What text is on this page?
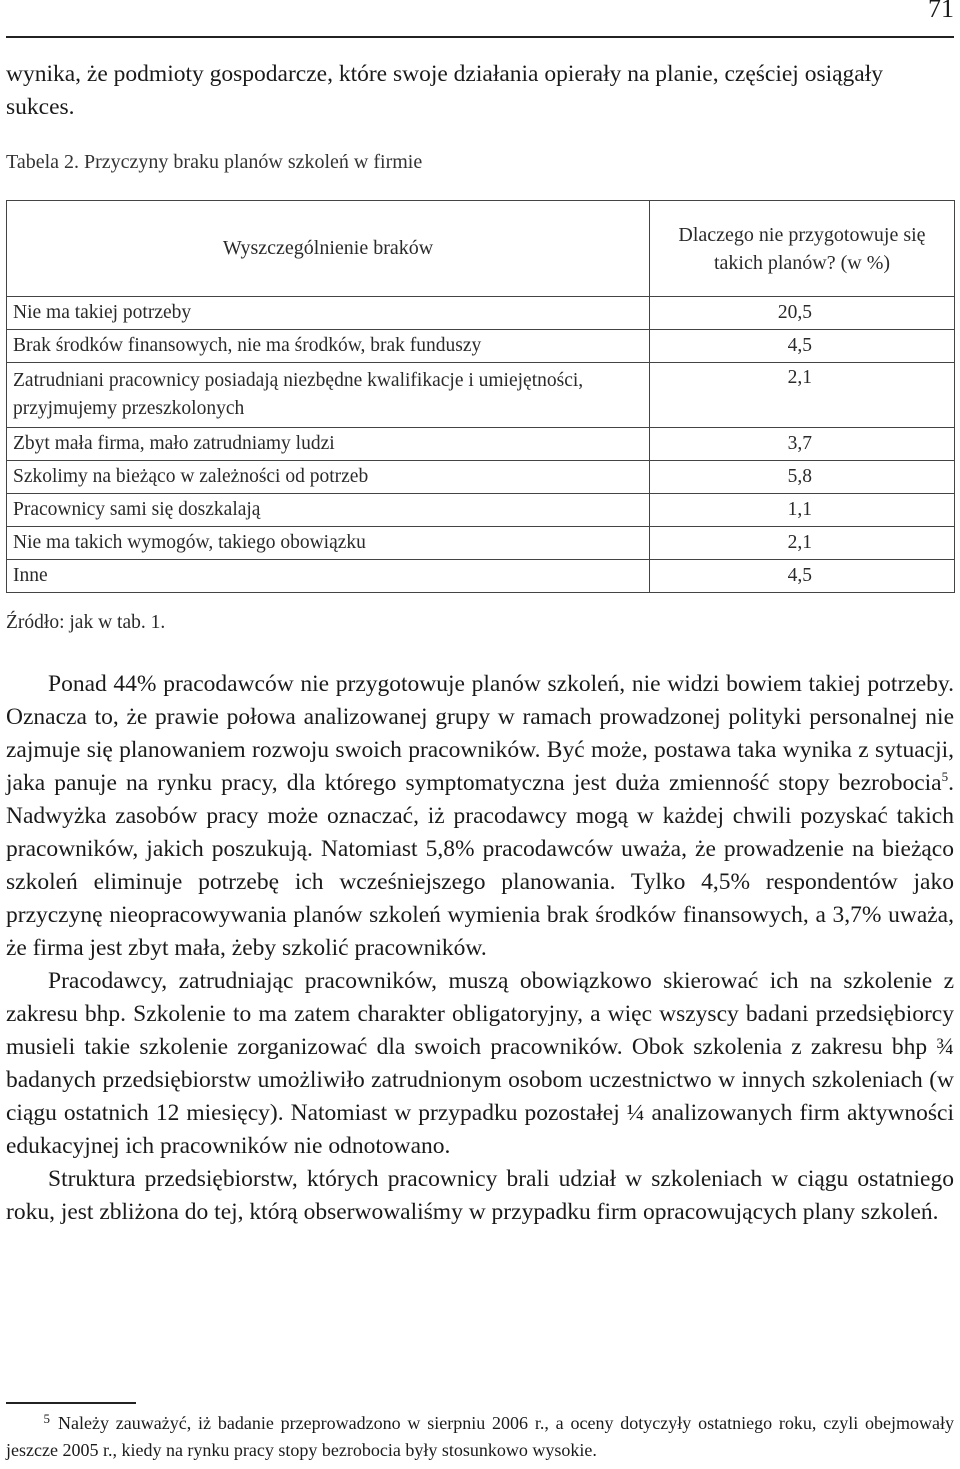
71

wynika, że podmioty gospodarcze, które swoje działania opierały na planie, częściej osiągały sukces.

Tabela 2. Przyczyny braku planów szkoleń w firmie

Wyszczególnienie braków	Dlaczego nie przygotowuje się takich planów? (w %)
Nie ma takiej potrzeby	20,5
Brak środków finansowych, nie ma środków, brak funduszy	4,5
Zatrudniani pracownicy posiadają niezbędne kwalifikacje i umiejętności, przyjmujemy przeszkolonych	2,1
Zbyt mała firma, mało zatrudniamy ludzi	3,7
Szkolimy na bieżąco w zależności od potrzeb	5,8
Pracownicy sami się doszkalają	1,1
Nie ma takich wymogów, takiego obowiązku	2,1
Inne	4,5

Źródło: jak w tab. 1.

Ponad 44% pracodawców nie przygotowuje planów szkoleń, nie widzi bowiem takiej potrzeby. Oznacza to, że prawie połowa analizowanej grupy w ramach prowadzonej polityki personalnej nie zajmuje się planowaniem rozwoju swoich pracowników. Być może, postawa taka wynika z sytuacji, jaka panuje na rynku pracy, dla którego symptomatyczna jest duża zmienność stopy bezrobocia$^5$. Nadwyżka zasobów pracy może oznaczać, iż pracodawcy mogą w każdej chwili pozyskać takich pracowników, jakich poszukują. Natomiast 5,8% pracodawców uważa, że prowadzenie na bieżąco szkoleń eliminuje potrzebę ich wcześniejszego planowania. Tylko 4,5% respondentów jako przyczynę nieopracowywania planów szkoleń wymienia brak środków finansowych, a 3,7% uważa, że firma jest zbyt mała, żeby szkolić pracowników.

Pracodawcy, zatrudniając pracowników, muszą obowiązkowo skierować ich na szkolenie z zakresu bhp. Szkolenie to ma zatem charakter obligatoryjny, a więc wszyscy badani przedsiębiorcy musieli takie szkolenie zorganizować dla swoich pracowników. Obok szkolenia z zakresu bhp ¾ badanych przedsiębiorstw umożliwiło zatrudnionym osobom uczestnictwo w innych szkoleniach (w ciągu ostatnich 12 miesięcy). Natomiast w przypadku pozostałej ¼ analizowanych firm aktywności edukacyjnej ich pracowników nie odnotowano.

Struktura przedsiębiorstw, których pracownicy brali udział w szkoleniach w ciągu ostatniego roku, jest zbliżona do tej, którą obserwowaliśmy w przypadku firm opracowujących plany szkoleń.

5 Należy zauważyć, iż badanie przeprowadzono w sierpniu 2006 r., a oceny dotyczyły ostatniego roku, czyli obejmowały jeszcze 2005 r., kiedy na rynku pracy stopy bezrobocia były stosunkowo wysokie.
